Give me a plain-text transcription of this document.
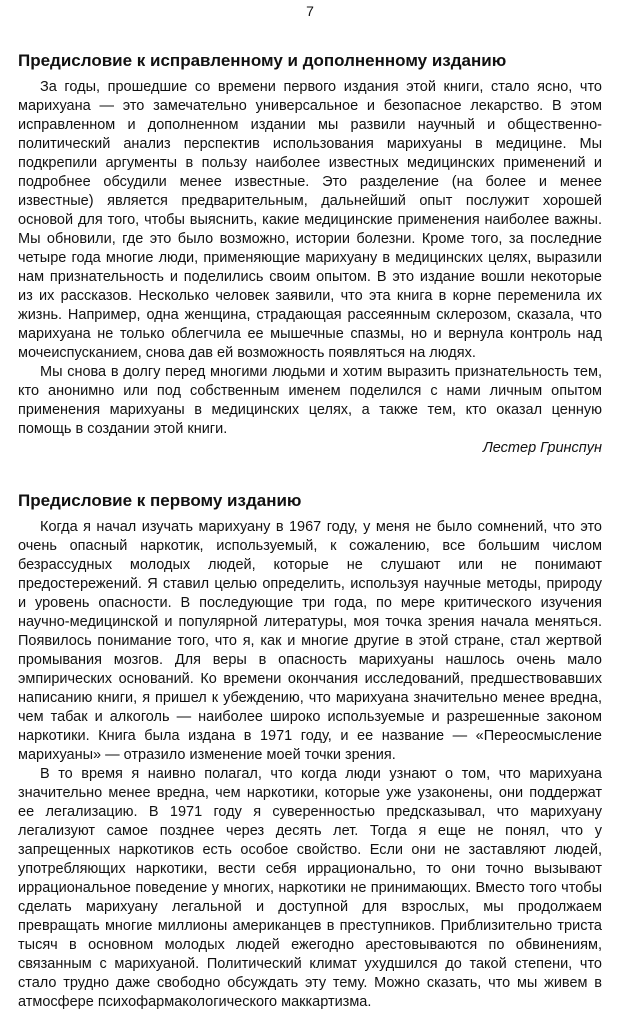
7
Предисловие к исправленному и дополненному изданию

За годы, прошедшие со времени первого издания этой книги, стало ясно, что марихуана — это замечательно универсальное и безопасное лекарство. В этом исправленном и дополненном издании мы развили научный и общественно-политический анализ перспектив использования марихуаны в медицине. Мы подкрепили аргументы в пользу наиболее известных медицинских применений и подробнее обсудили менее известные. Это разделение (на более и менее известные) является предварительным, дальнейший опыт послужит хорошей основой для того, чтобы выяснить, какие медицинские применения наиболее важны. Мы обновили, где это было возможно, истории болезни. Кроме того, за последние четыре года многие люди, применяющие марихуану в медицинских целях, выразили нам признательность и поделились своим опытом. В это издание вошли некоторые из их рассказов. Несколько человек заявили, что эта книга в корне переменила их жизнь. Например, одна женщина, страдающая рассеянным склерозом, сказала, что марихуана не только облегчила ее мышечные спазмы, но и вернула контроль над мочеиспусканием, снова дав ей возможность появляться на людях.

Мы снова в долгу перед многими людьми и хотим выразить признательность тем, кто анонимно или под собственным именем поделился с нами личным опытом применения марихуаны в медицинских целях, а также тем, кто оказал ценную помощь в создании этой книги.

Лестер Гринспун

Предисловие к первому изданию

Когда я начал изучать марихуану в 1967 году, у меня не было сомнений, что это очень опасный наркотик, используемый, к сожалению, все большим числом безрассудных молодых людей, которые не слушают или не понимают предостережений. Я ставил целью определить, используя научные методы, природу и уровень опасности. В последующие три года, по мере критического изучения научно-медицинской и популярной литературы, моя точка зрения начала меняться. Появилось понимание того, что я, как и многие другие в этой стране, стал жертвой промывания мозгов. Для веры в опасность марихуаны нашлось очень мало эмпирических оснований. Ко времени окончания исследований, предшествовавших написанию книги, я пришел к убеждению, что марихуана значительно менее вредна, чем табак и алкоголь — наиболее широко используемые и разрешенные законом наркотики. Книга была издана в 1971 году, и ее название — «Переосмысление марихуаны» — отразило изменение моей точки зрения.

В то время я наивно полагал, что когда люди узнают о том, что марихуана значительно менее вредна, чем наркотики, которые уже узаконены, они поддержат ее легализацию. В 1971 году я суверенностью предсказывал, что марихуану легализуют самое позднее через десять лет. Тогда я еще не понял, что у запрещенных наркотиков есть особое свойство. Если они не заставляют людей, употребляющих наркотики, вести себя иррационально, то они точно вызывают иррациональное поведение у многих, наркотики не принимающих. Вместо того чтобы сделать марихуану легальной и доступной для взрослых, мы продолжаем превращать многие миллионы американцев в преступников. Приблизительно триста тысяч в основном молодых людей ежегодно арестовываются по обвинениям, связанным с марихуаной. Политический климат ухудшился до такой степени, что стало трудно даже свободно обсуждать эту тему. Можно сказать, что мы живем в атмосфере психофармакологического маккартизма.
